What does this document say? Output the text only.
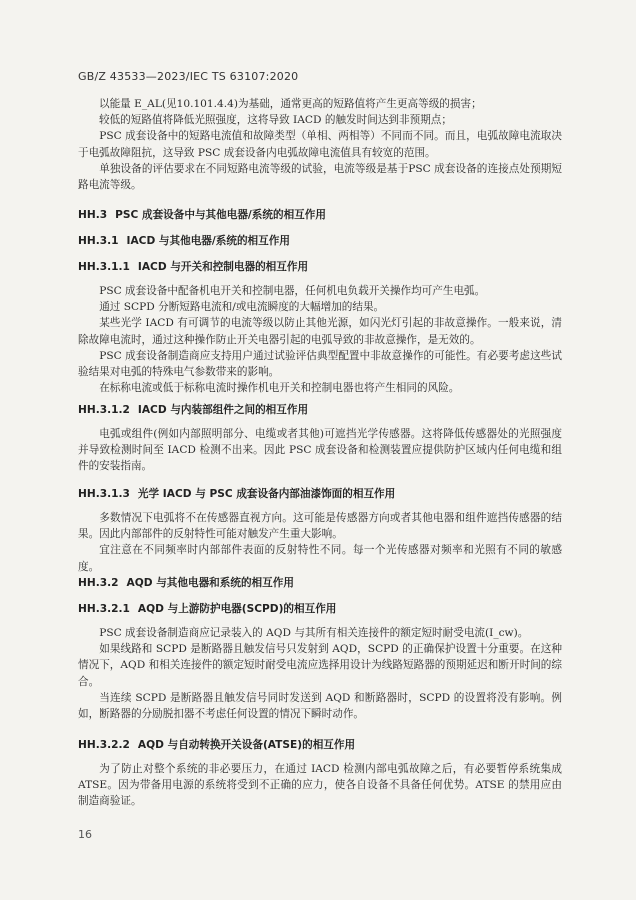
GB/Z 43533—2023/IEC TS 63107:2020

以能量 E_AL(见10.101.4.4)为基础，通常更高的短路值将产生更高等级的损害；

较低的短路值将降低光照强度，这将导致 IACD 的触发时间达到非预期点；

PSC 成套设备中的短路电流值和故障类型（单相、两相等）不同而不同。而且，电弧故障电流取决于电弧故障阻抗，这导致 PSC 成套设备内电弧故障电流值具有较宽的范围。

单独设备的评估要求在不同短路电流等级的试验，电流等级是基于PSC 成套设备的连接点处预期短路电流等级。

HH.3 PSC 成套设备中与其他电器/系统的相互作用

HH.3.1 IACD 与其他电器/系统的相互作用

HH.3.1.1 IACD 与开关和控制电器的相互作用

PSC 成套设备中配备机电开关和控制电器，任何机电负载开关操作均可产生电弧。

通过 SCPD 分断短路电流和/或电流瞬度的大幅增加的结果。

某些光学 IACD 有可调节的电流等级以防止其他光源，如闪光灯引起的非故意操作。一般来说，清除故障电流时，通过这种操作防止开关电器引起的电弧导致的非故意操作，是无效的。

PSC 成套设备制造商应支持用户通过试验评估典型配置中非故意操作的可能性。有必要考虑这些试验结果对电弧的特殊电气参数带来的影响。

在标称电流或低于标称电流时操作机电开关和控制电器也将产生相同的风险。

HH.3.1.2 IACD 与内装部组件之间的相互作用

电弧或组件(例如内部照明部分、电缆或者其他)可遮挡光学传感器。这将降低传感器处的光照强度并导致检测时间至 IACD 检测不出来。因此 PSC 成套设备和检测装置应提供防护区域内任何电缆和组件的安装指南。

HH.3.1.3 光学 IACD 与 PSC 成套设备内部油漆饰面的相互作用

多数情况下电弧将不在传感器直视方向。这可能是传感器方向或者其他电器和组件遮挡传感器的结果。因此内部部件的反射特性可能对触发产生重大影响。

宜注意在不同频率时内部部件表面的反射特性不同。每一个光传感器对频率和光照有不同的敏感度。

HH.3.2 AQD 与其他电器和系统的相互作用

HH.3.2.1 AQD 与上游防护电器(SCPD)的相互作用

PSC 成套设备制造商应记录装入的 AQD 与其所有相关连接件的额定短时耐受电流(I_cw)。

如果线路和 SCPD 是断路器且触发信号只发射到 AQD，SCPD 的正确保护设置十分重要。在这种情况下，AQD 和相关连接件的额定短时耐受电流应选择用设计为线路短路器的预期延迟和断开时间的综合。

当连续 SCPD 是断路器且触发信号同时发送到 AQD 和断路器时，SCPD 的设置将没有影响。例如，断路器的分励脱扣器不考虑任何设置的情况下瞬时动作。

HH.3.2.2 AQD 与自动转换开关设备(ATSE)的相互作用

为了防止对整个系统的非必要压力，在通过 IACD 检测内部电弧故障之后，有必要暂停系统集成 ATSE。因为带备用电源的系统将受到不正确的应力，使各自设备不具备任何优势。ATSE 的禁用应由制造商验证。

16
